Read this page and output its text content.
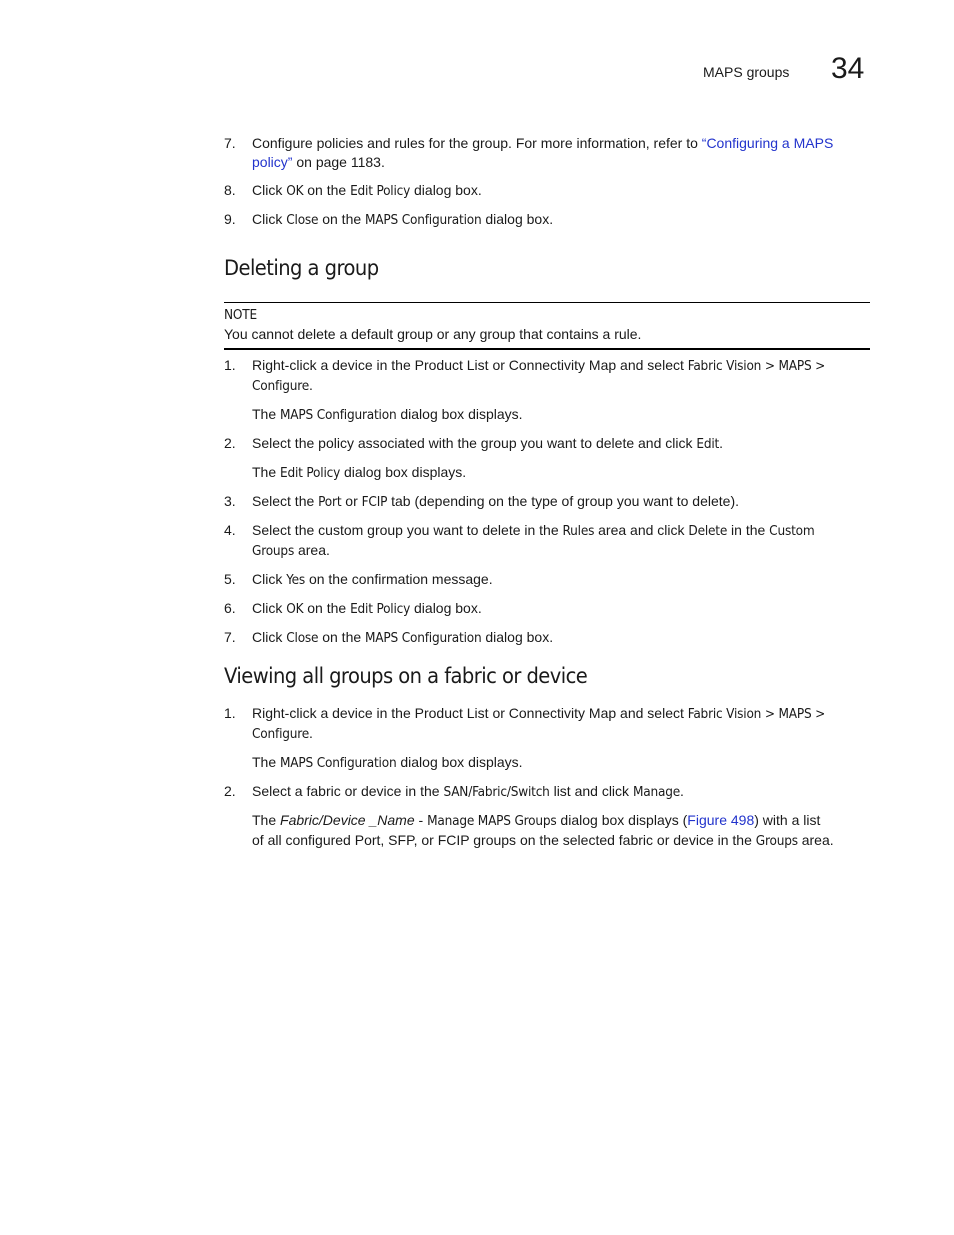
MAPS groups 34
7. Configure policies and rules for the group. For more information, refer to “Configuring a MAPS
policy” on page 1183.
8. Click OK on the Edit Policy dialog box.
9. Click Close on the MAPS Configuration dialog box.
Deleting a group
NOTE
You cannot delete a default group or any group that contains a rule.
1. Right-click a device in the Product List or Connectivity Map and select Fabric Vision > MAPS >
Configure.
The MAPS Configuration dialog box displays.
2. Select the policy associated with the group you want to delete and click Edit.
The Edit Policy dialog box displays.
3. Select the Port or FCIP tab (depending on the type of group you want to delete).
4. Select the custom group you want to delete in the Rules area and click Delete in the Custom
Groups area.
5. Click Yes on the confirmation message.
6. Click OK on the Edit Policy dialog box.
7. Click Close on the MAPS Configuration dialog box.
Viewing all groups on a fabric or device
1. Right-click a device in the Product List or Connectivity Map and select Fabric Vision > MAPS >
Configure.
The MAPS Configuration dialog box displays.
2. Select a fabric or device in the SAN/Fabric/Switch list and click Manage.
The Fabric/Device _Name - Manage MAPS Groups dialog box displays (Figure 498) with a list
of all configured Port, SFP, or FCIP groups on the selected fabric or device in the Groups area.
